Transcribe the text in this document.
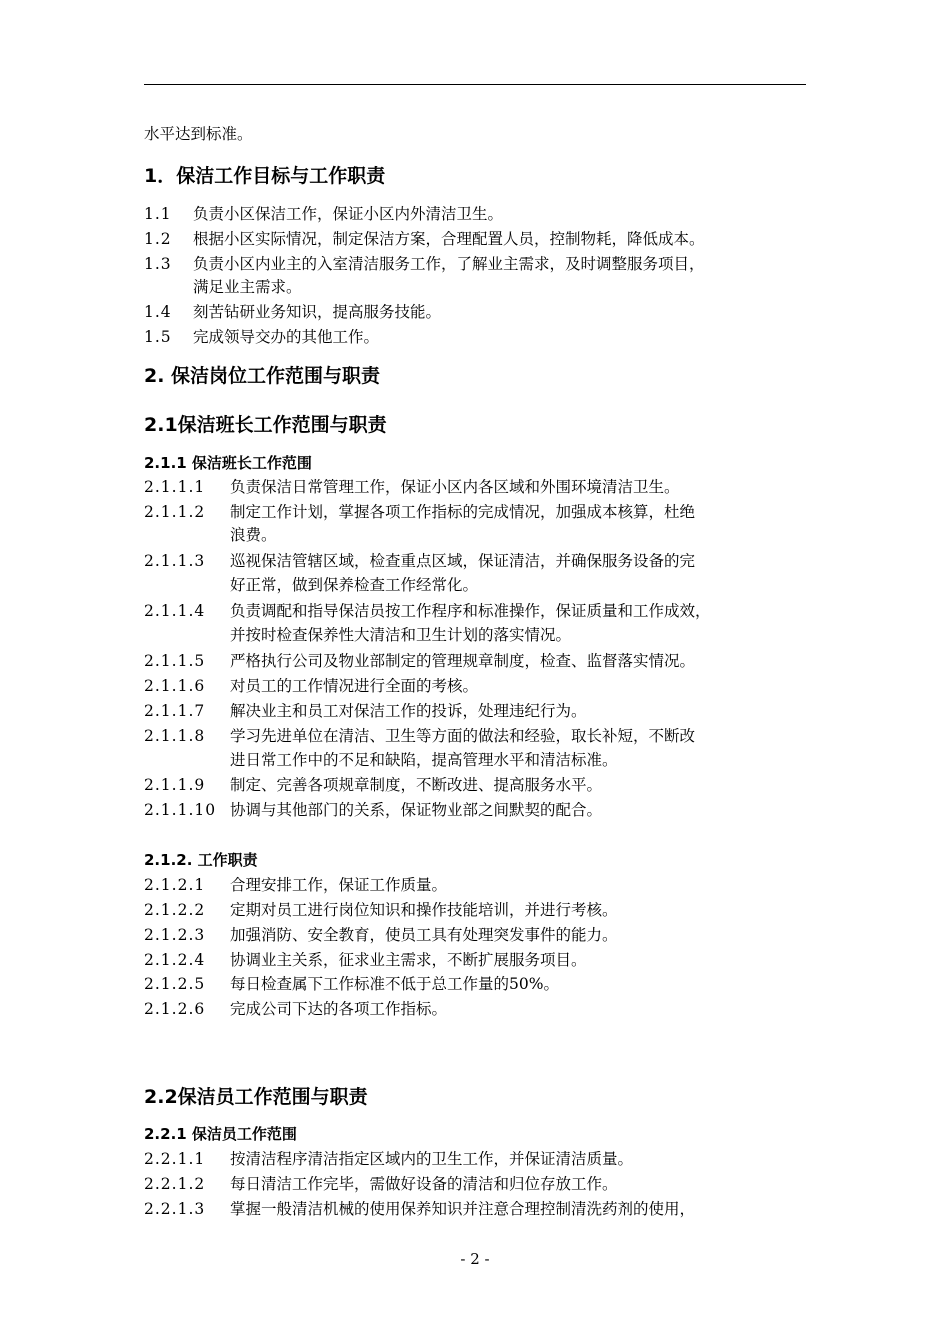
水平达到标准。
1．保洁工作目标与工作职责
1.1 负责小区保洁工作，保证小区内外清洁卫生。
1.2 根据小区实际情况，制定保洁方案，合理配置人员，控制物耗，降低成本。
1.3 负责小区内业主的入室清洁服务工作，了解业主需求，及时调整服务项目，
满足业主需求。
1.4 刻苦钻研业务知识，提高服务技能。
1.5 完成领导交办的其他工作。
2. 保洁岗位工作范围与职责
2.1保洁班长工作范围与职责
2.1.1 保洁班长工作范围
2.1.1.1 负责保洁日常管理工作，保证小区内各区域和外围环境清洁卫生。
2.1.1.2 制定工作计划，掌握各项工作指标的完成情况，加强成本核算，杜绝
浪费。
2.1.1.3 巡视保洁管辖区域，检查重点区域，保证清洁，并确保服务设备的完
好正常，做到保养检查工作经常化。
2.1.1.4 负责调配和指导保洁员按工作程序和标准操作，保证质量和工作成效，
并按时检查保养性大清洁和卫生计划的落实情况。
2.1.1.5 严格执行公司及物业部制定的管理规章制度，检查、监督落实情况。
2.1.1.6 对员工的工作情况进行全面的考核。
2.1.1.7 解决业主和员工对保洁工作的投诉，处理违纪行为。
2.1.1.8 学习先进单位在清洁、卫生等方面的做法和经验，取长补短，不断改
进日常工作中的不足和缺陷，提高管理水平和清洁标准。
2.1.1.9 制定、完善各项规章制度，不断改进、提高服务水平。
2.1.1.10 协调与其他部门的关系，保证物业部之间默契的配合。
2.1.2. 工作职责
2.1.2.1 合理安排工作，保证工作质量。
2.1.2.2 定期对员工进行岗位知识和操作技能培训，并进行考核。
2.1.2.3 加强消防、安全教育，使员工具有处理突发事件的能力。
2.1.2.4 协调业主关系，征求业主需求，不断扩展服务项目。
2.1.2.5 每日检查属下工作标准不低于总工作量的50%。
2.1.2.6 完成公司下达的各项工作指标。
2.2保洁员工作范围与职责
2.2.1 保洁员工作范围
2.2.1.1 按清洁程序清洁指定区域内的卫生工作，并保证清洁质量。
2.2.1.2 每日清洁工作完毕，需做好设备的清洁和归位存放工作。
2.2.1.3 掌握一般清洁机械的使用保养知识并注意合理控制清洗药剂的使用，
- 2 -
